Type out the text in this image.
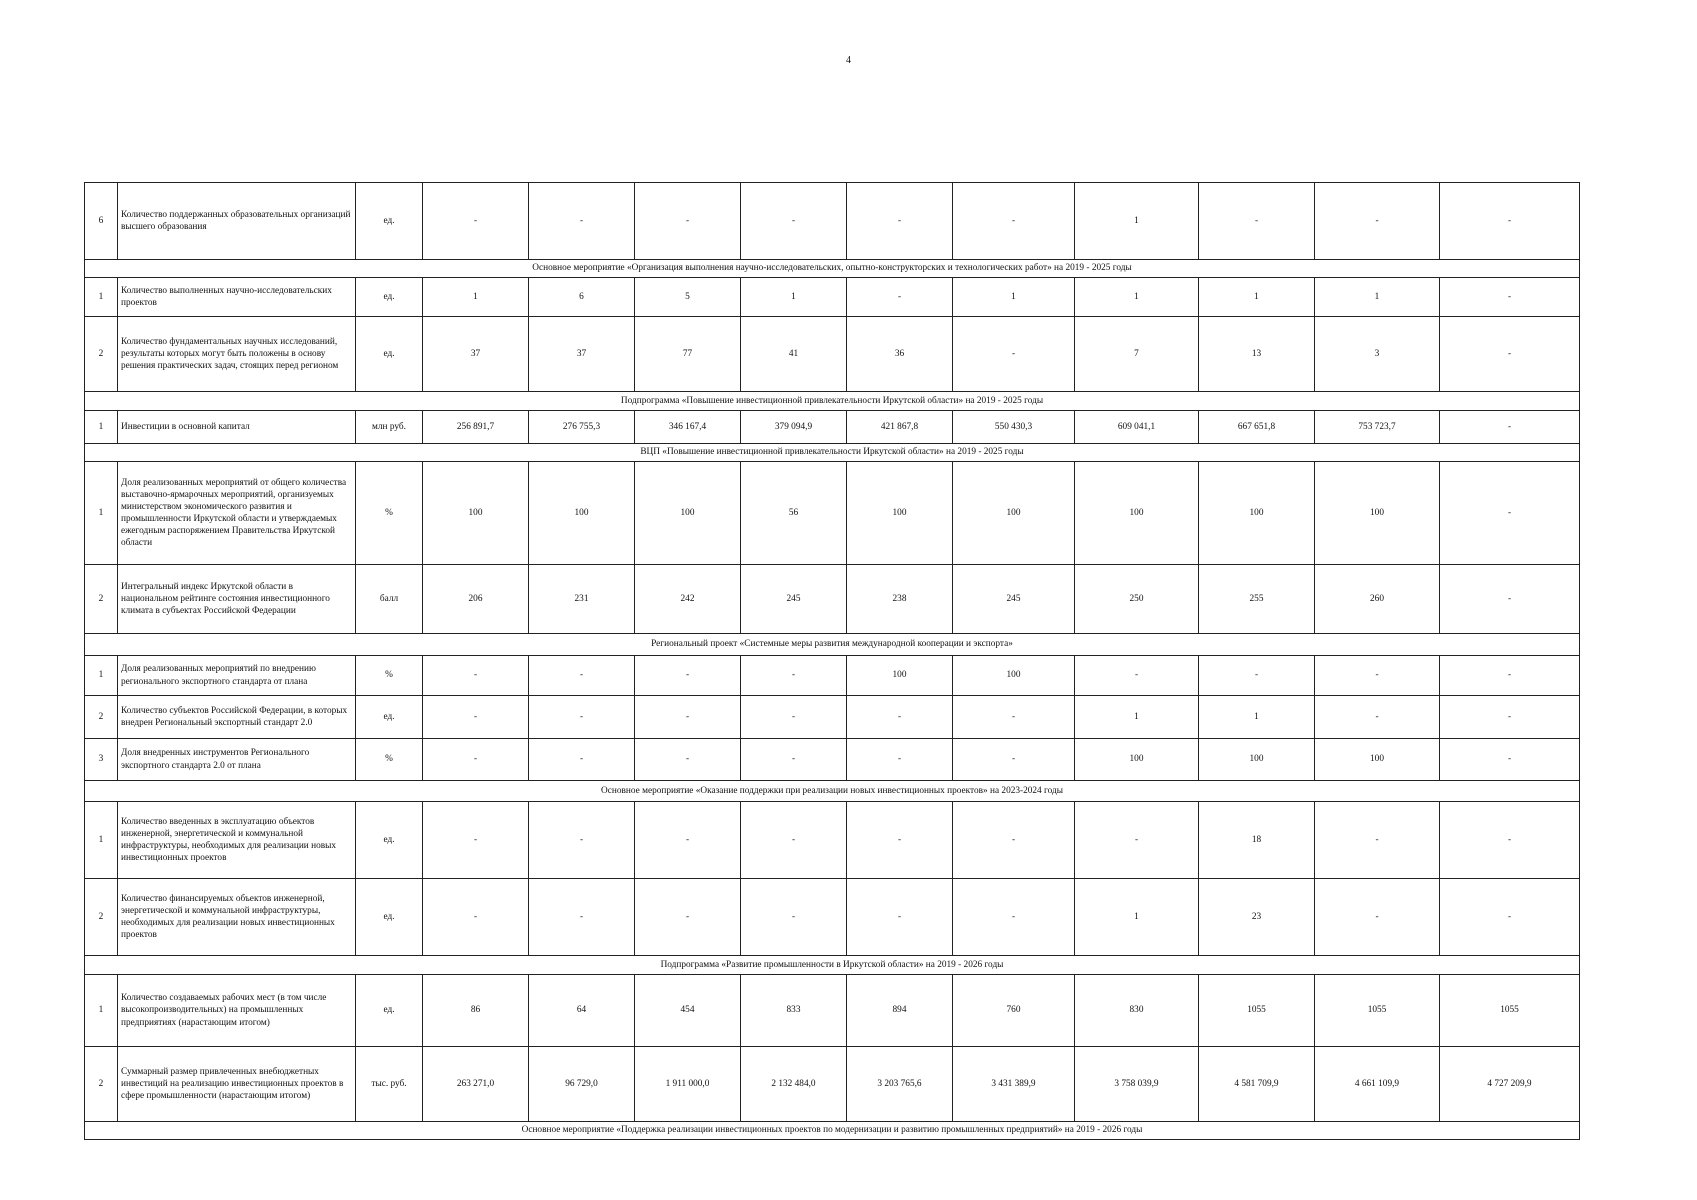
4
6	Количество поддержанных образовательных организаций высшего образования	ед.	-	-	-	-	-	-	1	-	-	-
Основное мероприятие «Организация выполнения научно-исследовательских, опытно-конструкторских и технологических работ» на 2019 - 2025 годы												
1	Количество выполненных научно-исследовательских проектов	ед.	1	6	5	1	-	1	1	1	1	-
2	Количество фундаментальных научных исследований, результаты которых могут быть положены в основу решения практических задач, стоящих перед регионом	ед.	37	37	77	41	36	-	7	13	3	-
Подпрограмма «Повышение инвестиционной привлекательности Иркутской области» на 2019 - 2025 годы												
1	Инвестиции в основной капитал	млн руб.	256 891,7	276 755,3	346 167,4	379 094,9	421 867,8	550 430,3	609 041,1	667 651,8	753 723,7	-
ВЦП «Повышение инвестиционной привлекательности Иркутской области» на 2019 - 2025 годы												
1	Доля реализованных мероприятий от общего количества выставочно-ярмарочных мероприятий, организуемых министерством экономического развития и промышленности Иркутской области и утверждаемых ежегодным распоряжением Правительства Иркутской области	%	100	100	100	56	100	100	100	100	100	-
2	Интегральный индекс Иркутской области в национальном рейтинге состояния инвестиционного климата в субъектах Российской Федерации	балл	206	231	242	245	238	245	250	255	260	-
Региональный проект «Системные меры развития международной кооперации и экспорта»												
1	Доля реализованных мероприятий по внедрению регионального экспортного стандарта от плана	%	-	-	-	-	100	100	-	-	-	-
2	Количество субъектов Российской Федерации, в которых внедрен Региональный экспортный стандарт 2.0	ед.	-	-	-	-	-	-	1	1	-	-
3	Доля внедренных инструментов Регионального экспортного стандарта 2.0 от плана	%	-	-	-	-	-	-	100	100	100	-
Основное мероприятие «Оказание поддержки при реализации новых инвестиционных проектов» на 2023-2024 годы												
1	Количество введенных в эксплуатацию объектов инженерной, энергетической и коммунальной инфраструктуры, необходимых для реализации новых инвестиционных проектов	ед.	-	-	-	-	-	-	-	18	-	-
2	Количество финансируемых объектов инженерной, энергетической и коммунальной инфраструктуры, необходимых для реализации новых инвестиционных проектов	ед.	-	-	-	-	-	-	1	23	-	-
Подпрограмма «Развитие промышленности в Иркутской области» на 2019 - 2026 годы												
1	Количество создаваемых рабочих мест (в том числе высокопроизводительных) на промышленных предприятиях (нарастающим итогом)	ед.	86	64	454	833	894	760	830	1055	1055	1055
2	Суммарный размер привлеченных внебюджетных инвестиций на реализацию инвестиционных проектов в сфере промышленности (нарастающим итогом)	тыс. руб.	263 271,0	96 729,0	1 911 000,0	2 132 484,0	3 203 765,6	3 431 389,9	3 758 039,9	4 581 709,9	4 661 109,9	4 727 209,9
Основное мероприятие «Поддержка реализации инвестиционных проектов по модернизации и развитию промышленных предприятий» на 2019 - 2026 годы												
